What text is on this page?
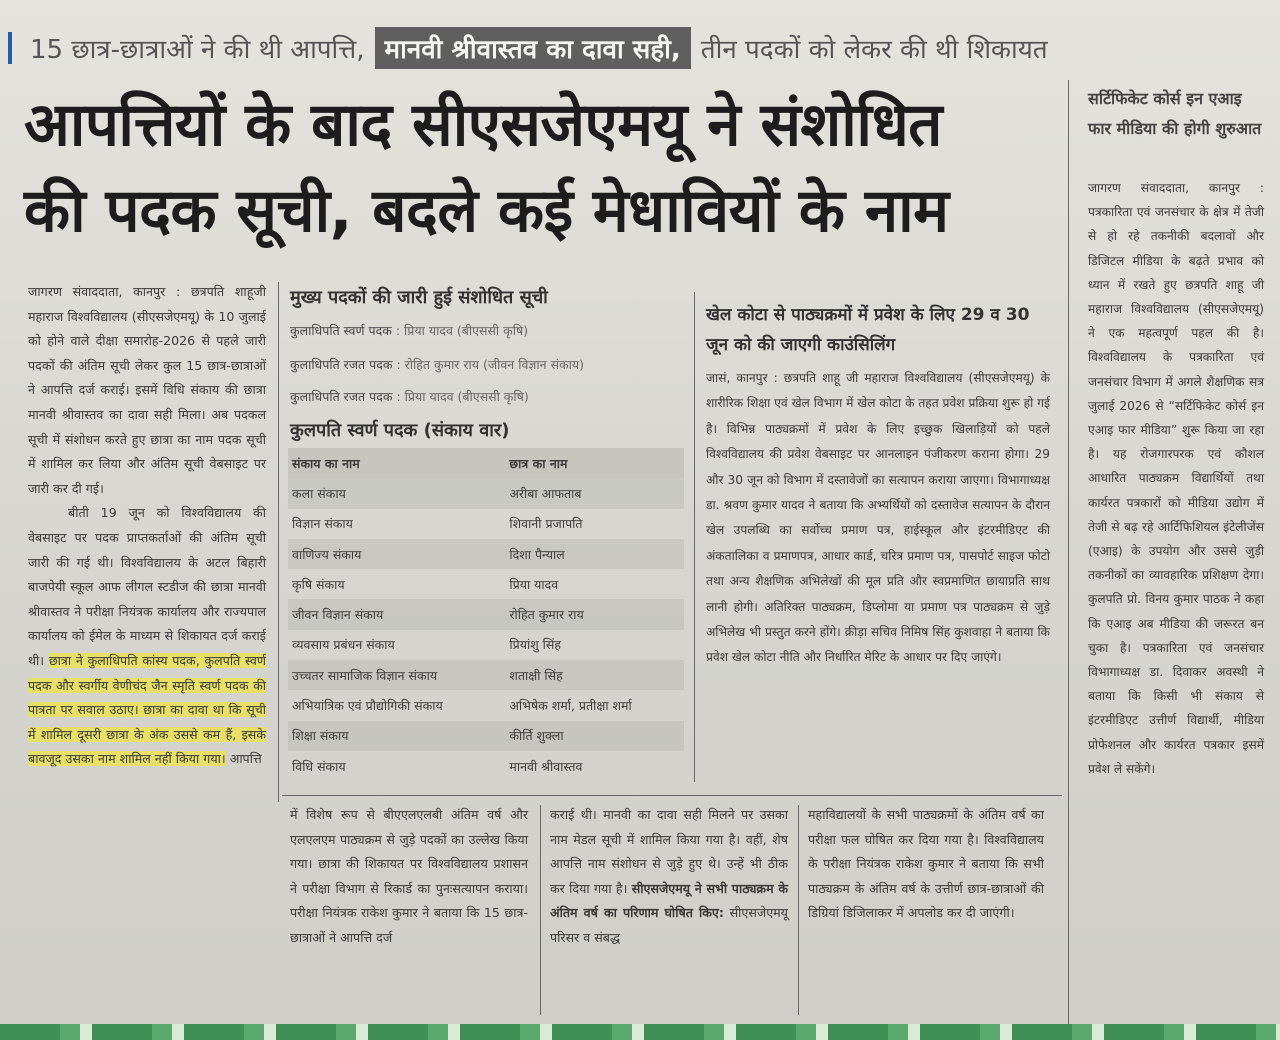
15 छात्र-छात्राओं ने की थी आपत्ति, मानवी श्रीवास्तव का दावा सही, तीन पदकों को लेकर की थी शिकायत
आपत्तियों के बाद सीएसजेएमयू ने संशोधित
की पदक सूची, बदले कई मेधावियों के नाम

जागरण संवाददाता, कानपुर : छत्रपति शाहूजी महाराज विश्वविद्यालय (सीएसजेएमयू) के 10 जुलाई को होने वाले दीक्षा समारोह-2026 से पहले जारी पदकों की अंतिम सूची लेकर कुल 15 छात्र-छात्राओं ने आपत्ति दर्ज कराई। इसमें विधि संकाय की छात्रा मानवी श्रीवास्तव का दावा सही मिला। अब पदकल सूची में संशोधन करते हुए छात्रा का नाम पदक सूची में शामिल कर लिया और अंतिम सूची वेबसाइट पर जारी कर दी गई।

बीती 19 जून को विश्वविद्यालय की वेबसाइट पर पदक प्राप्तकर्ताओं की अंतिम सूची जारी की गई थी। विश्वविद्यालय के अटल बिहारी बाजपेयी स्कूल आफ लीगल स्टडीज की छात्रा मानवी श्रीवास्तव ने परीक्षा नियंत्रक कार्यालय और राज्यपाल कार्यालय को ईमेल के माध्यम से शिकायत दर्ज कराई थी। छात्रा ने कुलाधिपति कांस्य पदक, कुलपति स्वर्ण पदक और स्वर्गीय वेणीचंद जैन स्मृति स्वर्ण पदक की पात्रता पर सवाल उठाए। छात्रा का दावा था कि सूची में शामिल दूसरी छात्रा के अंक उससे कम हैं, इसके बावजूद उसका नाम शामिल नहीं किया गया। आपत्ति

मुख्य पदकों की जारी हुई संशोधित सूची
कुलाधिपति स्वर्ण पदक : प्रिया यादव (बीएससी कृषि)
कुलाधिपति रजत पदक : रोहित कुमार राय (जीवन विज्ञान संकाय)
कुलाधिपति रजत पदक : प्रिया यादव (बीएससी कृषि)
कुलपति स्वर्ण पदक (संकाय वार)
संकाय का नाम	छात्र का नाम
कला संकाय	अरीबा आफताब
विज्ञान संकाय	शिवानी प्रजापति
वाणिज्य संकाय	दिशा पैन्याल
कृषि संकाय	प्रिया यादव
जीवन विज्ञान संकाय	रोहित कुमार राय
व्यवसाय प्रबंधन संकाय	प्रियांशु सिंह
उच्चतर सामाजिक विज्ञान संकाय	शताक्षी सिंह
अभियांत्रिक एवं प्रौद्योगिकी संकाय	अभिषेक शर्मा, प्रतीक्षा शर्मा
शिक्षा संकाय	कीर्ति शुक्ला
विधि संकाय	मानवी श्रीवास्तव
खेल कोटा से पाठ्यक्रमों में प्रवेश के लिए 29 व 30 जून को की जाएगी काउंसिलिंग
जासं, कानपुर : छत्रपति शाहू जी महाराज विश्वविद्यालय (सीएसजेएमयू) के शारीरिक शिक्षा एवं खेल विभाग में खेल कोटा के तहत प्रवेश प्रक्रिया शुरू हो गई है। विभिन्न पाठ्यक्रमों में प्रवेश के लिए इच्छुक खिलाड़ियों को पहले विश्वविद्यालय की प्रवेश वेबसाइट पर आनलाइन पंजीकरण कराना होगा। 29 और 30 जून को विभाग में दस्तावेजों का सत्यापन कराया जाएगा। विभागाध्यक्ष डा. श्रवण कुमार यादव ने बताया कि अभ्यर्थियों को दस्तावेज सत्यापन के दौरान खेल उपलब्धि का सर्वोच्च प्रमाण पत्र, हाईस्कूल और इंटरमीडिएट की अंकतालिका व प्रमाणपत्र, आधार कार्ड, चरित्र प्रमाण पत्र, पासपोर्ट साइज फोटो तथा अन्य शैक्षणिक अभिलेखों की मूल प्रति और स्वप्रमाणित छायाप्रति साथ लानी होगी। अतिरिक्त पाठ्यक्रम, डिप्लोमा या प्रमाण पत्र पाठ्यक्रम से जुड़े अभिलेख भी प्रस्तुत करने होंगे। क्रीड़ा सचिव निमिष सिंह कुशवाहा ने बताया कि प्रवेश खेल कोटा नीति और निर्धारित मेरिट के आधार पर दिए जाएंगे।
में विशेष रूप से बीएएलएलबी अंतिम वर्ष और एलएलएम पाठ्यक्रम से जुड़े पदकों का उल्लेख किया गया। छात्रा की शिकायत पर विश्वविद्यालय प्रशासन ने परीक्षा विभाग से रिकार्ड का पुनःसत्यापन कराया। परीक्षा नियंत्रक राकेश कुमार ने बताया कि 15 छात्र-छात्राओं ने आपत्ति दर्ज
कराई थी। मानवी का दावा सही मिलने पर उसका नाम मेडल सूची में शामिल किया गया है। वहीं, शेष आपत्ति नाम संशोधन से जुड़े हुए थे। उन्हें भी ठीक कर दिया गया है। सीएसजेएमयू ने सभी पाठ्यक्रम के अंतिम वर्ष का परिणाम घोषित किए: सीएसजेएमयू परिसर व संबद्ध
महाविद्यालयों के सभी पाठ्यक्रमों के अंतिम वर्ष का परीक्षा फल घोषित कर दिया गया है। विश्वविद्यालय के परीक्षा नियंत्रक राकेश कुमार ने बताया कि सभी पाठ्यक्रम के अंतिम वर्ष के उत्तीर्ण छात्र-छात्राओं की डिग्रियां डिजिलाकर में अपलोड कर दी जाएंगी।
सर्टिफिकेट कोर्स इन एआइ फार मीडिया की होगी शुरुआत
जागरण संवाददाता, कानपुर : पत्रकारिता एवं जनसंचार के क्षेत्र में तेजी से हो रहे तकनीकी बदलावों और डिजिटल मीडिया के बढ़ते प्रभाव को ध्यान में रखते हुए छत्रपति शाहू जी महाराज विश्वविद्यालय (सीएसजेएमयू) ने एक महत्वपूर्ण पहल की है। विश्वविद्यालय के पत्रकारिता एवं जनसंचार विभाग में अगले शैक्षणिक सत्र जुलाई 2026 से “सर्टिफिकेट कोर्स इन एआइ फार मीडिया” शुरू किया जा रहा है। यह रोजगारपरक एवं कौशल आधारित पाठ्यक्रम विद्यार्थियों तथा कार्यरत पत्रकारों को मीडिया उद्योग में तेजी से बढ़ रहे आर्टिफिशियल इंटेलीजेंस (एआइ) के उपयोग और उससे जुड़ी तकनीकों का व्यावहारिक प्रशिक्षण देगा। कुलपति प्रो. विनय कुमार पाठक ने कहा कि एआइ अब मीडिया की जरूरत बन चुका है। पत्रकारिता एवं जनसंचार विभागाध्यक्ष डा. दिवाकर अवस्थी ने बताया कि किसी भी संकाय से इंटरमीडिएट उत्तीर्ण विद्यार्थी, मीडिया प्रोफेशनल और कार्यरत पत्रकार इसमें प्रवेश ले सकेंगे।
